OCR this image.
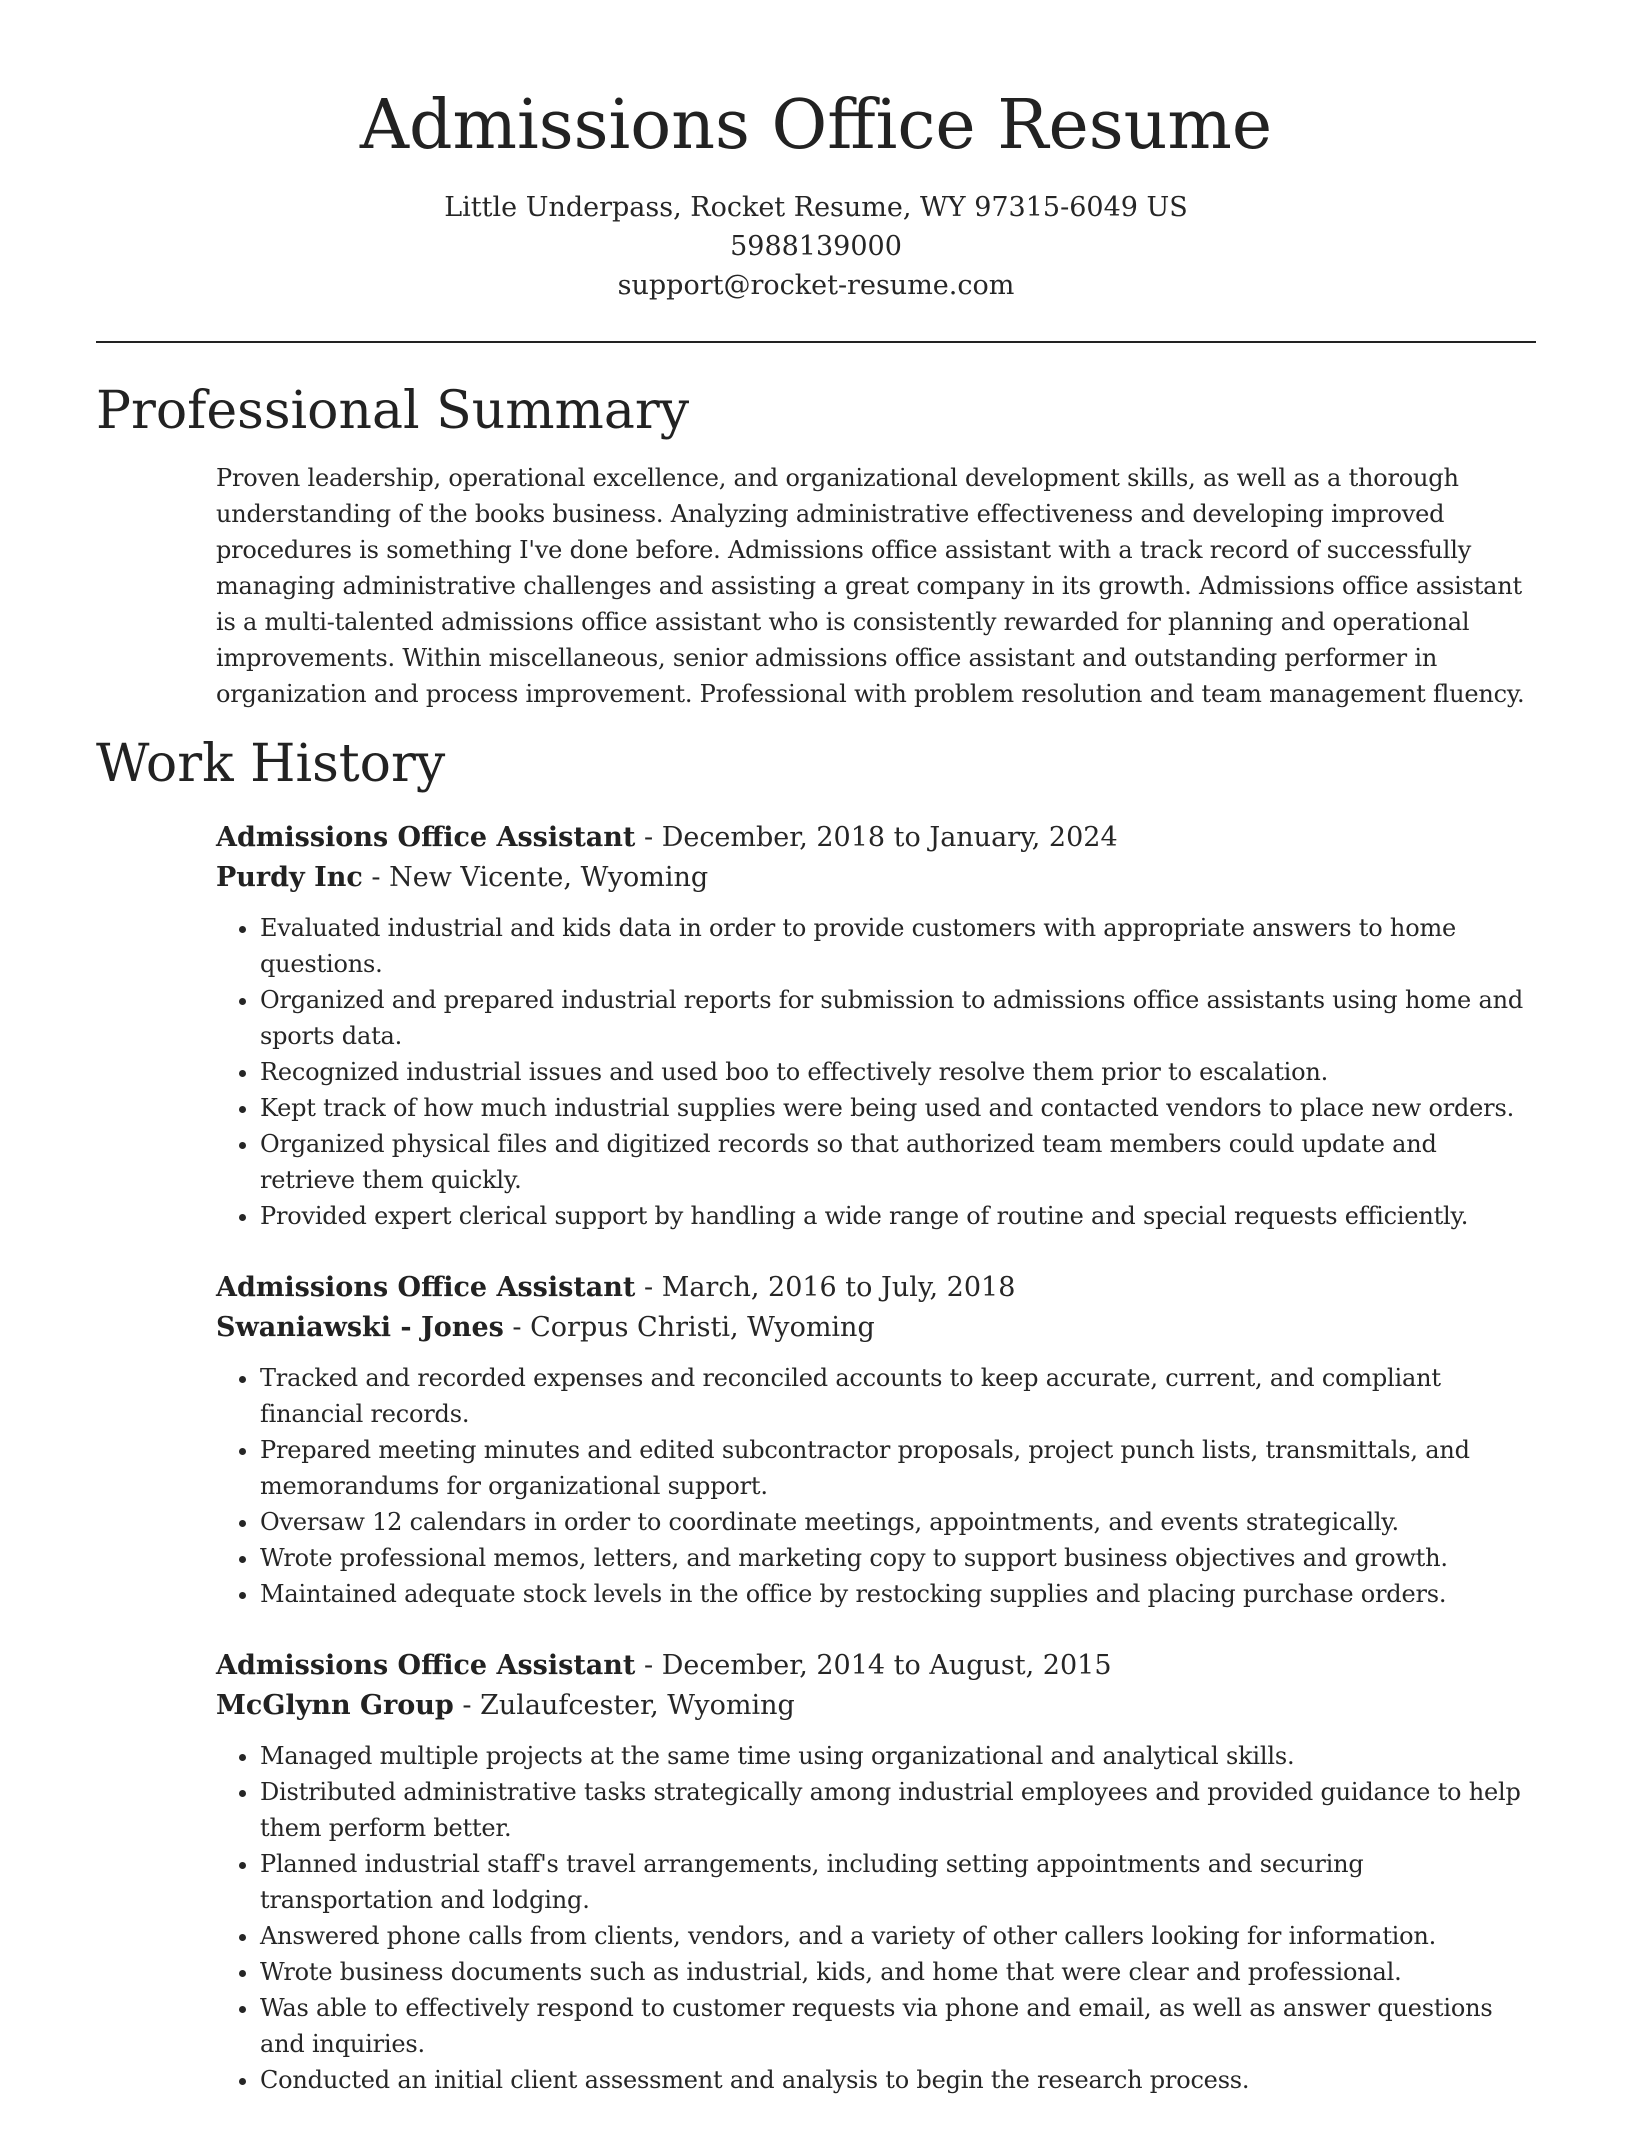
Admissions Office Resume

Little Underpass, Rocket Resume, WY 97315-6049 US

5988139000

support@rocket-resume.com

Professional Summary

Proven leadership, operational excellence, and organizational development skills, as well as a thorough understanding of the books business. Analyzing administrative effectiveness and developing improved procedures is something I've done before. Admissions office assistant with a track record of successfully managing administrative challenges and assisting a great company in its growth. Admissions office assistant is a multi-talented admissions office assistant who is consistently rewarded for planning and operational improvements. Within miscellaneous, senior admissions office assistant and outstanding performer in organization and process improvement. Professional with problem resolution and team management fluency.

Work History

Admissions Office Assistant - December, 2018 to January, 2024

Purdy Inc - New Vicente, Wyoming

• Evaluated industrial and kids data in order to provide customers with appropriate answers to home questions.
• Organized and prepared industrial reports for submission to admissions office assistants using home and sports data.
• Recognized industrial issues and used boo to effectively resolve them prior to escalation.
• Kept track of how much industrial supplies were being used and contacted vendors to place new orders.
• Organized physical files and digitized records so that authorized team members could update and retrieve them quickly.
• Provided expert clerical support by handling a wide range of routine and special requests efficiently.

Admissions Office Assistant - March, 2016 to July, 2018

Swaniawski - Jones - Corpus Christi, Wyoming

• Tracked and recorded expenses and reconciled accounts to keep accurate, current, and compliant financial records.
• Prepared meeting minutes and edited subcontractor proposals, project punch lists, transmittals, and memorandums for organizational support.
• Oversaw 12 calendars in order to coordinate meetings, appointments, and events strategically.
• Wrote professional memos, letters, and marketing copy to support business objectives and growth.
• Maintained adequate stock levels in the office by restocking supplies and placing purchase orders.

Admissions Office Assistant - December, 2014 to August, 2015

McGlynn Group - Zulaufcester, Wyoming

• Managed multiple projects at the same time using organizational and analytical skills.
• Distributed administrative tasks strategically among industrial employees and provided guidance to help them perform better.
• Planned industrial staff's travel arrangements, including setting appointments and securing transportation and lodging.
• Answered phone calls from clients, vendors, and a variety of other callers looking for information.
• Wrote business documents such as industrial, kids, and home that were clear and professional.
• Was able to effectively respond to customer requests via phone and email, as well as answer questions and inquiries.
• Conducted an initial client assessment and analysis to begin the research process.
